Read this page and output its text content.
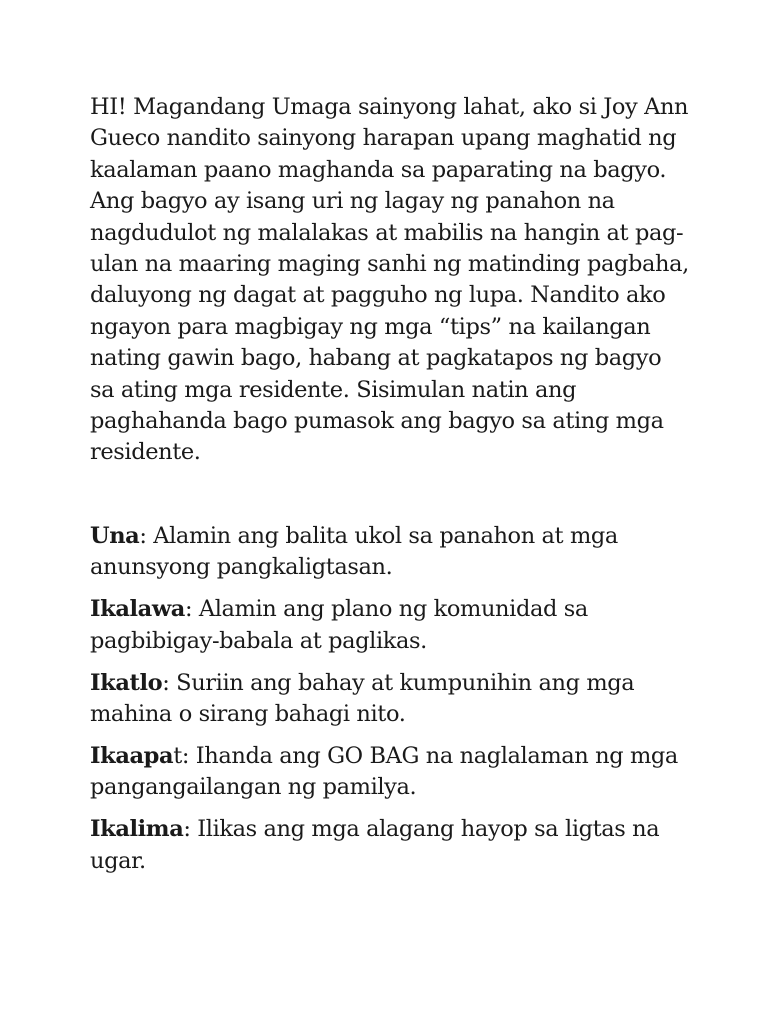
HI! Magandang Umaga sainyong lahat, ako si Joy Ann Gueco nandito sainyong harapan upang maghatid ng kaalaman paano maghanda sa paparating na bagyo. Ang bagyo ay isang uri ng lagay ng panahon na nagdudulot ng malalakas at mabilis na hangin at pag-ulan na maaring maging sanhi ng matinding pagbaha, daluyong ng dagat at pagguho ng lupa. Nandito ako ngayon para magbigay ng mga “tips” na kailangan nating gawin bago, habang at pagkatapos ng bagyo sa ating mga residente. Sisimulan natin ang paghahanda bago pumasok ang bagyo sa ating mga residente.

Una: Alamin ang balita ukol sa panahon at mga anunsyong pangkaligtasan.
Ikalawa: Alamin ang plano ng komunidad sa pagbibigay-babala at paglikas.
Ikatlo: Suriin ang bahay at kumpunihin ang mga mahina o sirang bahagi nito.
Ikaapat: Ihanda ang GO BAG na naglalaman ng mga pangangailangan ng pamilya.
Ikalima: Ilikas ang mga alagang hayop sa ligtas na ugar.
